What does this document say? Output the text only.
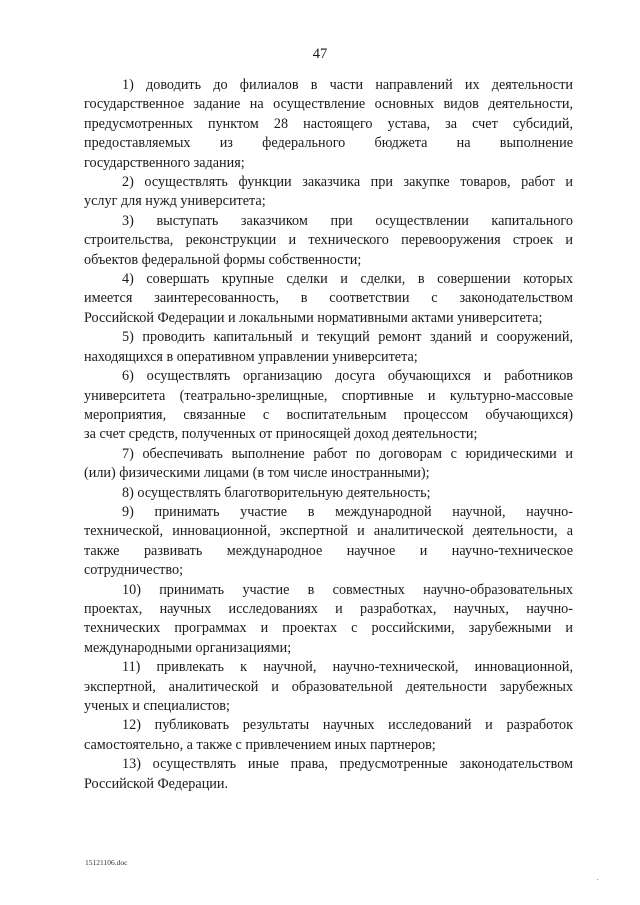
47
1) доводить до филиалов в части направлений их деятельности
государственное задание на осуществление основных видов деятельности,
предусмотренных пунктом 28 настоящего устава, за счет субсидий,
предоставляемых из федерального бюджета на выполнение
государственного задания;
2) осуществлять функции заказчика при закупке товаров, работ и
услуг для нужд университета;
3) выступать заказчиком при осуществлении капитального
строительства, реконструкции и технического перевооружения строек и
объектов федеральной формы собственности;
4) совершать крупные сделки и сделки, в совершении которых
имеется заинтересованность, в соответствии с законодательством
Российской Федерации и локальными нормативными актами университета;
5) проводить капитальный и текущий ремонт зданий и сооружений,
находящихся в оперативном управлении университета;
6) осуществлять организацию досуга обучающихся и работников
университета (театрально-зрелищные, спортивные и культурно-массовые
мероприятия, связанные с воспитательным процессом обучающихся)
за счет средств, полученных от приносящей доход деятельности;
7) обеспечивать выполнение работ по договорам с юридическими и
(или) физическими лицами (в том числе иностранными);
8) осуществлять благотворительную деятельность;
9) принимать участие в международной научной, научно-
технической, инновационной, экспертной и аналитической деятельности, а
также развивать международное научное и научно-техническое
сотрудничество;
10) принимать участие в совместных научно-образовательных
проектах, научных исследованиях и разработках, научных, научно-
технических программах и проектах с российскими, зарубежными и
международными организациями;
11) привлекать к научной, научно-технической, инновационной,
экспертной, аналитической и образовательной деятельности зарубежных
ученых и специалистов;
12) публиковать результаты научных исследований и разработок
самостоятельно, а также с привлечением иных партнеров;
13) осуществлять иные права, предусмотренные законодательством
Российской Федерации.
15121106.doc
